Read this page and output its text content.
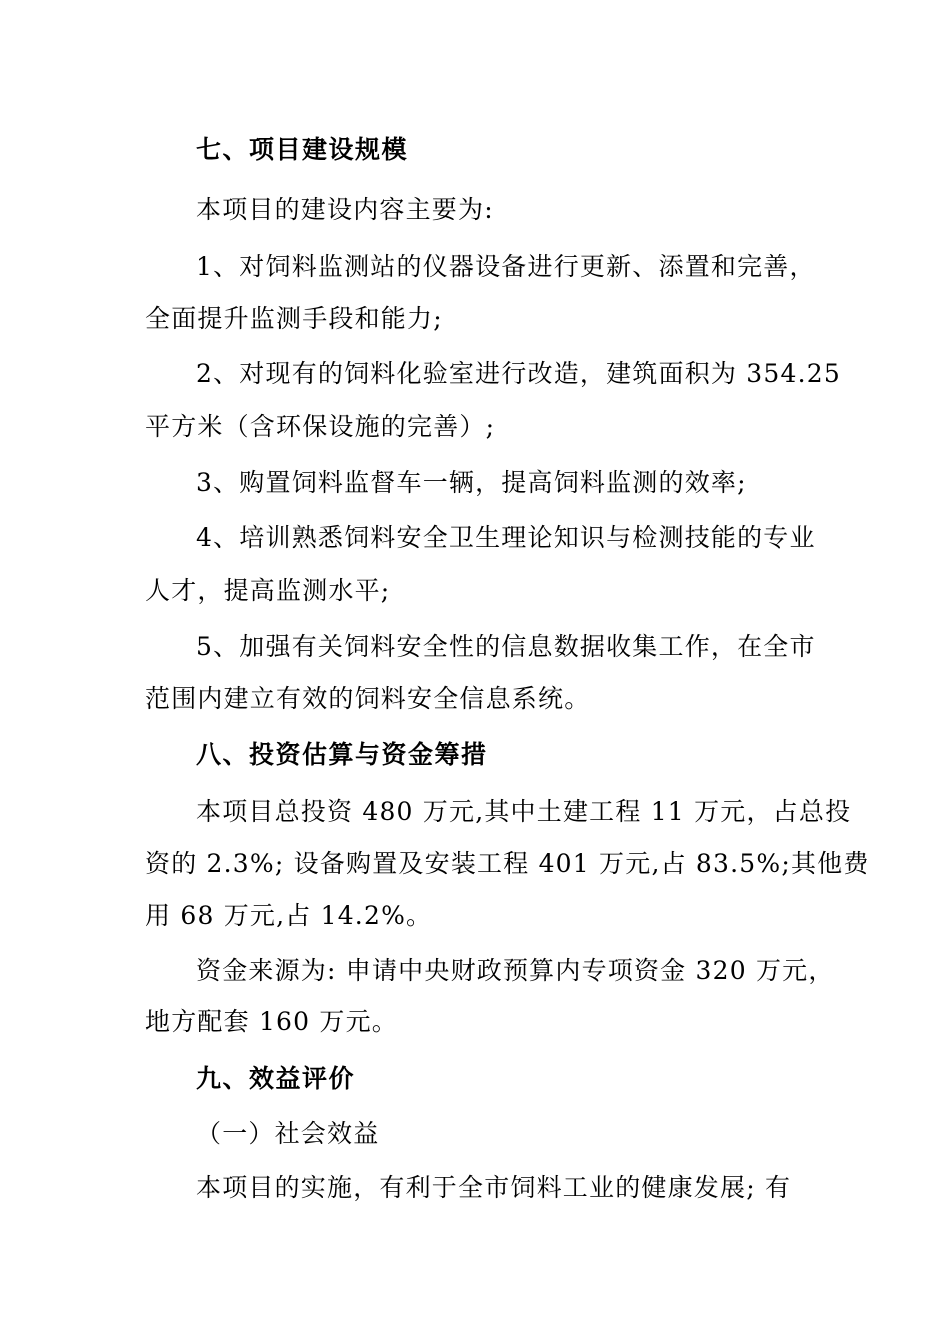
七、项目建设规模
本项目的建设内容主要为:
1、对饲料监测站的仪器设备进行更新、添置和完善，
全面提升监测手段和能力;
2、对现有的饲料化验室进行改造，建筑面积为 354.25
平方米（含环保设施的完善）;
3、购置饲料监督车一辆，提高饲料监测的效率;
4、培训熟悉饲料安全卫生理论知识与检测技能的专业
人才，提高监测水平;
5、加强有关饲料安全性的信息数据收集工作，在全市
范围内建立有效的饲料安全信息系统。
八、投资估算与资金筹措
本项目总投资 480 万元,其中土建工程 11 万元，占总投
资的 2.3%; 设备购置及安装工程 401 万元,占 83.5%;其他费
用 68 万元,占 14.2%。
资金来源为: 申请中央财政预算内专项资金 320 万元，
地方配套 160 万元。
九、效益评价
（一）社会效益
本项目的实施，有利于全市饲料工业的健康发展; 有
